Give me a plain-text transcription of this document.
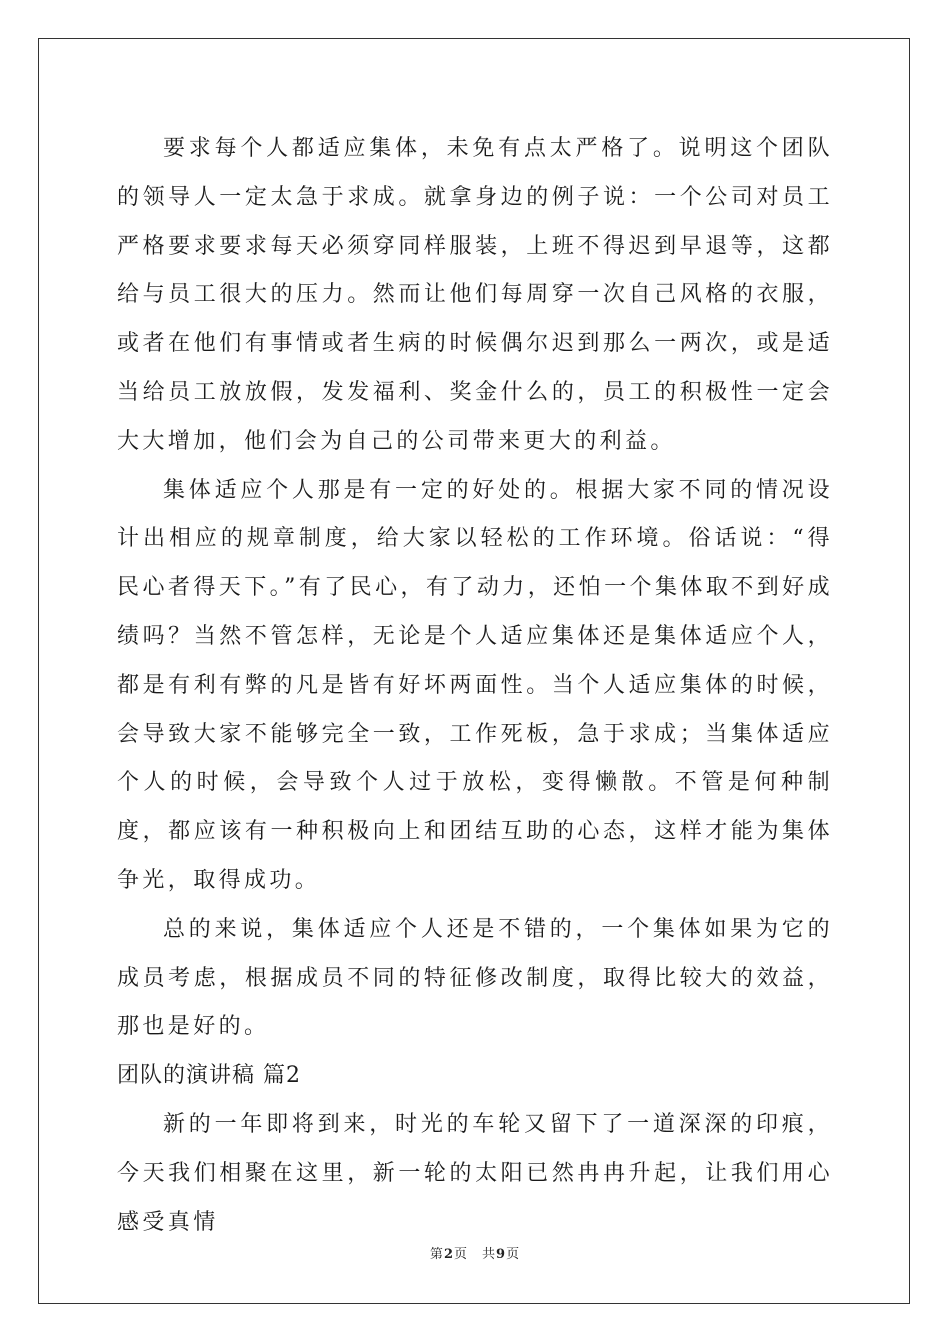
要求每个人都适应集体，未免有点太严格了。说明这个团队的领导人一定太急于求成。就拿身边的例子说：一个公司对员工严格要求要求每天必须穿同样服装，上班不得迟到早退等，这都给与员工很大的压力。然而让他们每周穿一次自己风格的衣服，或者在他们有事情或者生病的时候偶尔迟到那么一两次，或是适当给员工放放假，发发福利、奖金什么的，员工的积极性一定会大大增加，他们会为自己的公司带来更大的利益。

集体适应个人那是有一定的好处的。根据大家不同的情况设计出相应的规章制度，给大家以轻松的工作环境。俗话说：“得民心者得天下。”有了民心，有了动力，还怕一个集体取不到好成绩吗？当然不管怎样，无论是个人适应集体还是集体适应个人，都是有利有弊的凡是皆有好坏两面性。当个人适应集体的时候，会导致大家不能够完全一致，工作死板，急于求成；当集体适应个人的时候，会导致个人过于放松，变得懒散。不管是何种制度，都应该有一种积极向上和团结互助的心态，这样才能为集体争光，取得成功。

总的来说，集体适应个人还是不错的，一个集体如果为它的成员考虑，根据成员不同的特征修改制度，取得比较大的效益，那也是好的。

团队的演讲稿 篇2

新的一年即将到来，时光的车轮又留下了一道深深的印痕，今天我们相聚在这里，新一轮的太阳已然冉冉升起，让我们用心感受真情

第2页 共9页
